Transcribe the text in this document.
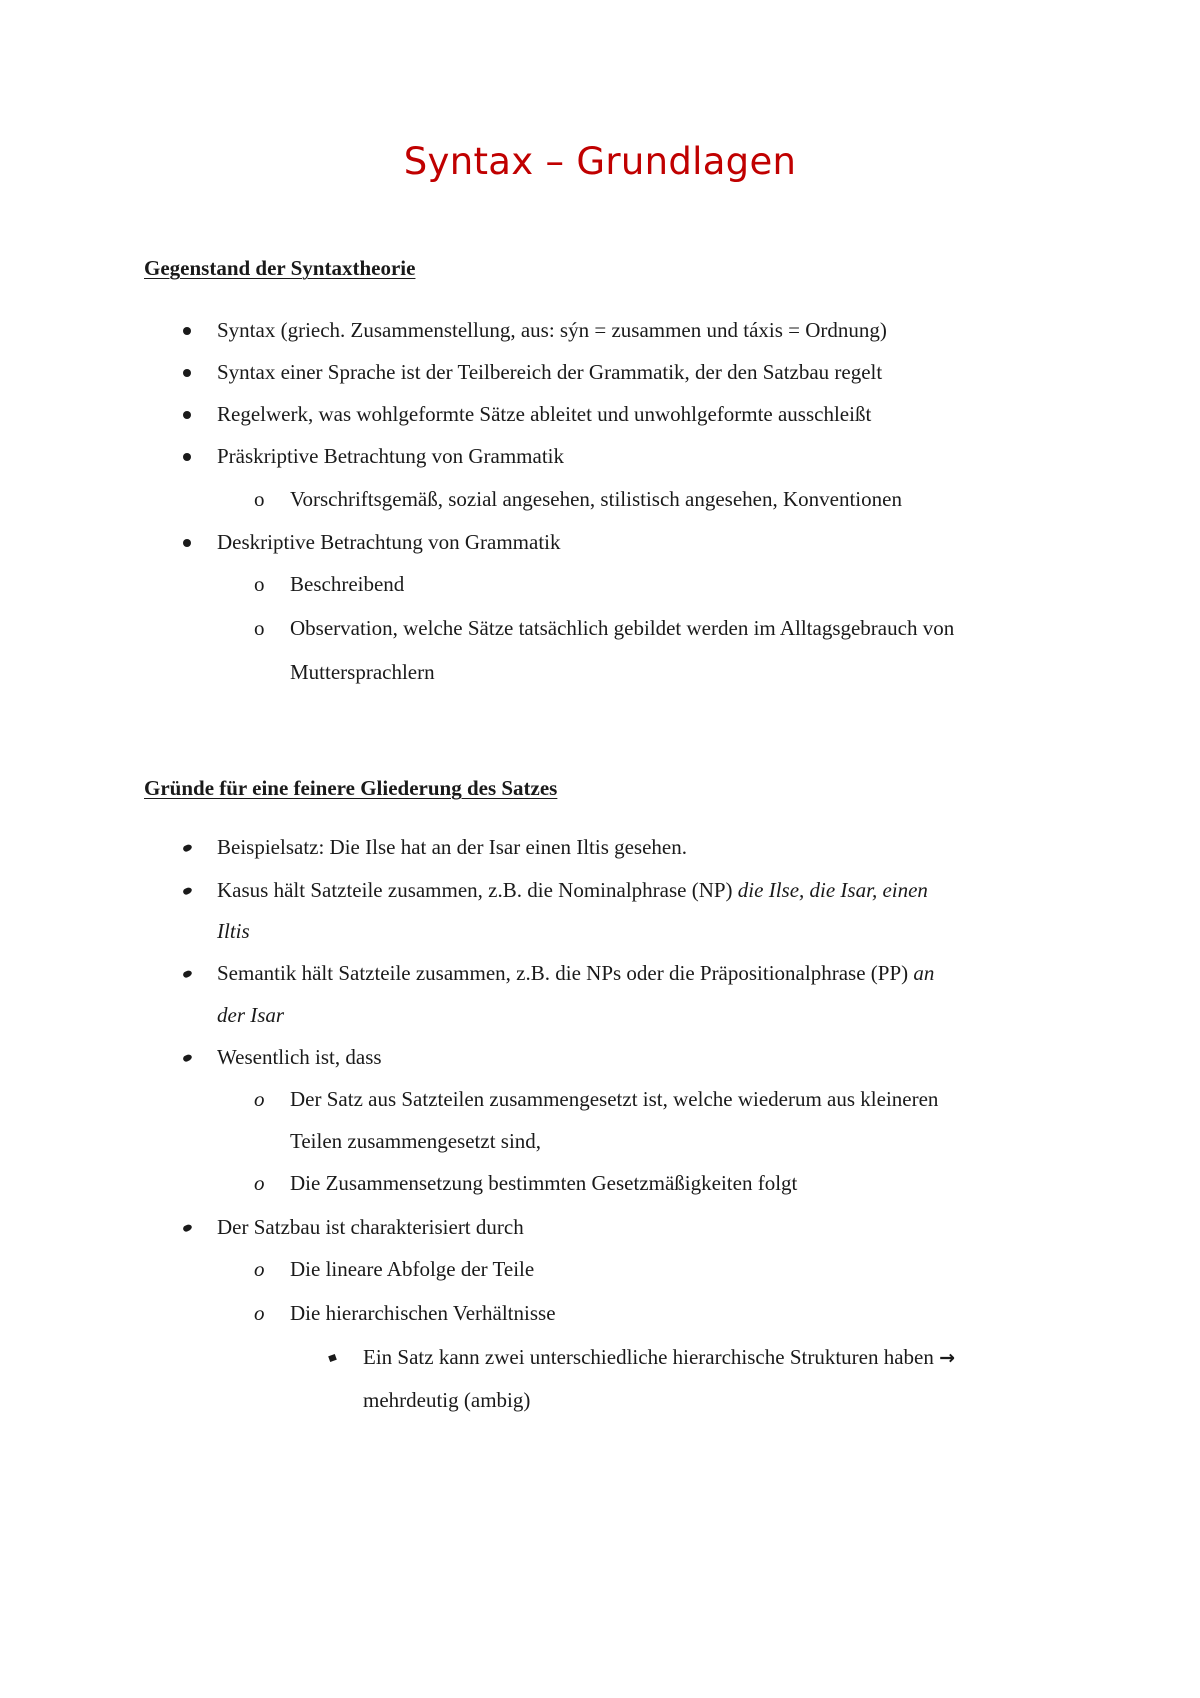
Syntax – Grundlagen
Gegenstand der Syntaxtheorie
Syntax (griech. Zusammenstellung, aus: sýn = zusammen und táxis = Ordnung)
Syntax einer Sprache ist der Teilbereich der Grammatik, der den Satzbau regelt
Regelwerk, was wohlgeformte Sätze ableitet und unwohlgeformte ausschleißt
Präskriptive Betrachtung von Grammatik
o Vorschriftsgemäß, sozial angesehen, stilistisch angesehen, Konventionen
Deskriptive Betrachtung von Grammatik
o Beschreibend
o Observation, welche Sätze tatsächlich gebildet werden im Alltagsgebrauch von
Muttersprachlern
Gründe für eine feinere Gliederung des Satzes
Beispielsatz: Die Ilse hat an der Isar einen Iltis gesehen.
Kasus hält Satzteile zusammen, z.B. die Nominalphrase (NP) die Ilse, die Isar, einen
Iltis
Semantik hält Satzteile zusammen, z.B. die NPs oder die Präpositionalphrase (PP) an
der Isar
Wesentlich ist, dass
o Der Satz aus Satzteilen zusammengesetzt ist, welche wiederum aus kleineren
Teilen zusammengesetzt sind,
o Die Zusammensetzung bestimmten Gesetzmäßigkeiten folgt
Der Satzbau ist charakterisiert durch
o Die lineare Abfolge der Teile
o Die hierarchischen Verhältnisse
Ein Satz kann zwei unterschiedliche hierarchische Strukturen haben →
mehrdeutig (ambig)
